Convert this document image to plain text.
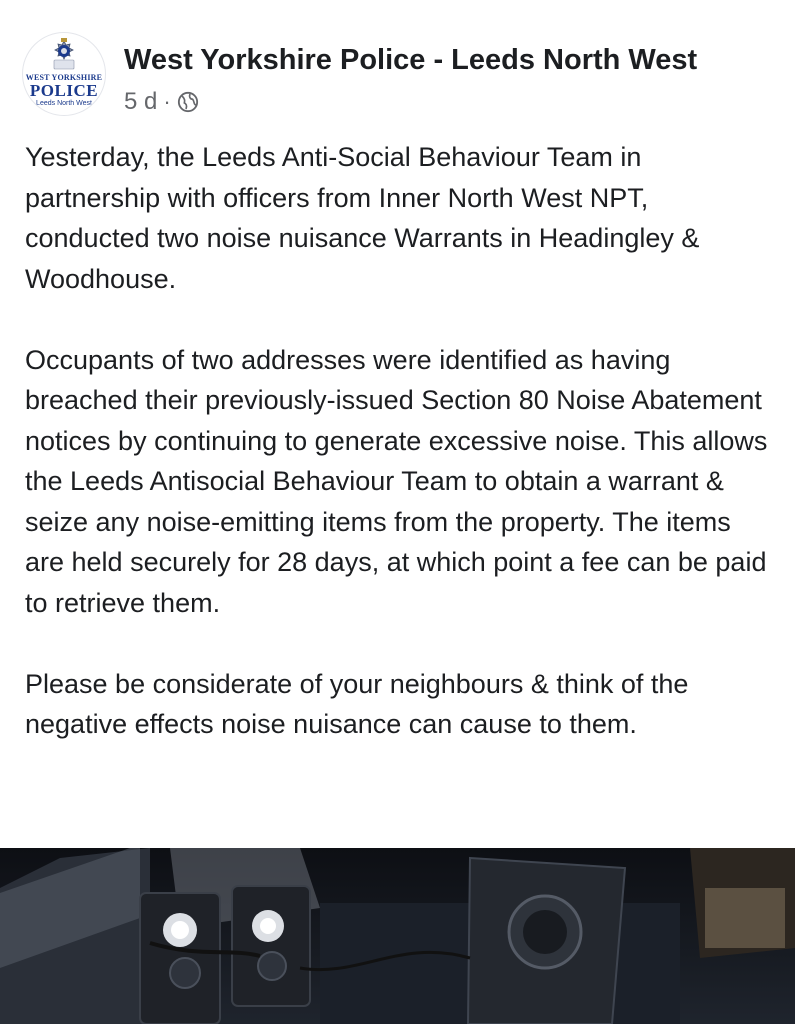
WEST YORKSHIRE
POLICE
Leeds North West
West Yorkshire Police - Leeds North West
5 d ·

Yesterday, the Leeds Anti-Social Behaviour Team in partnership with officers from Inner North West NPT, conducted two noise nuisance Warrants in Headingley & Woodhouse.

Occupants of two addresses were identified as having breached their previously-issued Section 80 Noise Abatement notices by continuing to generate excessive noise. This allows the Leeds Antisocial Behaviour Team to obtain a warrant & seize any noise-emitting items from the property. The items are held securely for 28 days, at which point a fee can be paid to retrieve them.

Please be considerate of your neighbours & think of the negative effects noise nuisance can cause to them.
